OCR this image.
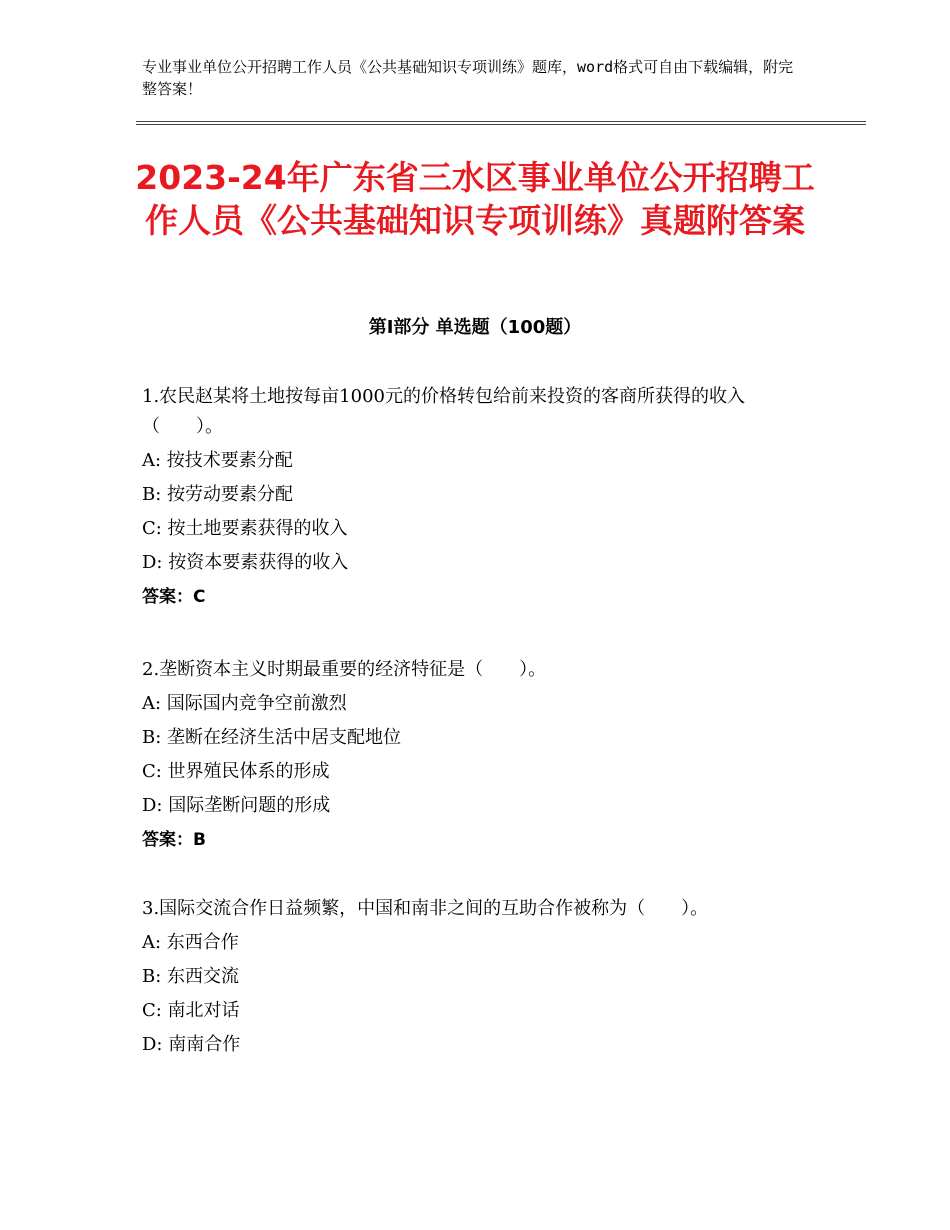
专业事业单位公开招聘工作人员《公共基础知识专项训练》题库，word格式可自由下载编辑，附完整答案！
2023-24年广东省三水区事业单位公开招聘工作人员《公共基础知识专项训练》真题附答案
第I部分 单选题（100题）

1.农民赵某将土地按每亩1000元的价格转包给前来投资的客商所获得的收入（　　）。

A: 按技术要素分配

B: 按劳动要素分配

C: 按土地要素获得的收入

D: 按资本要素获得的收入

答案：C

2.垄断资本主义时期最重要的经济特征是（　　）。

A: 国际国内竞争空前激烈

B: 垄断在经济生活中居支配地位

C: 世界殖民体系的形成

D: 国际垄断问题的形成

答案：B

3.国际交流合作日益频繁，中国和南非之间的互助合作被称为（　　）。

A: 东西合作

B: 东西交流

C: 南北对话

D: 南南合作
